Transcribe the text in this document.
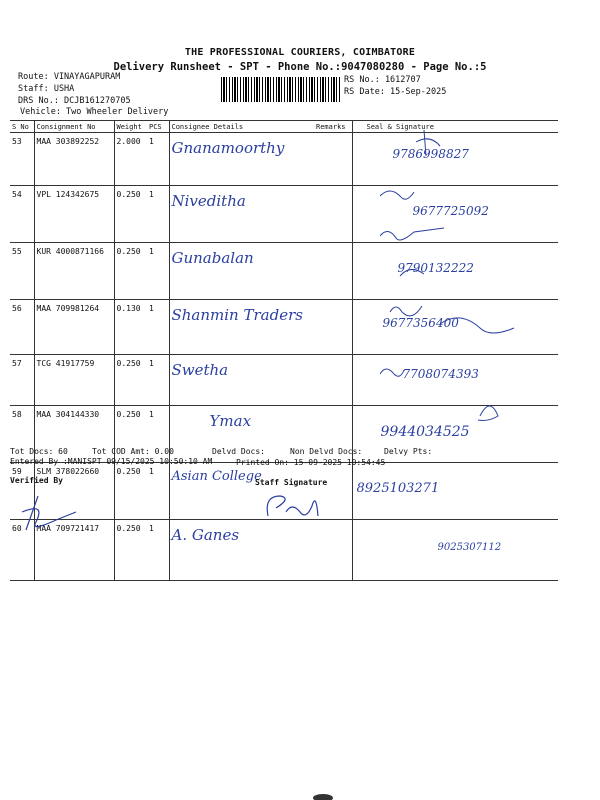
THE PROFESSIONAL COURIERS, COIMBATORE
Delivery Runsheet - SPT - Phone No.:9047080280 - Page No.:5
Route: VINAYAGAPURAM
Staff: USHA
DRS No.: DCJB161270705
Vehicle: Two Wheeler Delivery
RS No.: 1612707
RS Date: 15-Sep-2025
S No	Consignment No	Weight	PCS	Consignee Details	Remarks	Seal & Signature
53	MAA 303892252	2.000	1	Gnanamoorthy		9786998827
54	VPL 124342675	0.250	1	Niveditha		9677725092
55	KUR 4000871166	0.250	1	Gunabalan		9790132222
56	MAA 709981264	0.130	1	Shanmin Traders		9677356400
57	TCG 41917759	0.250	1	Swetha		7708074393
58	MAA 304144330	0.250	1	Ymax		9944034525
59	SLM 378022660	0.250	1	Asian College		8925103271
60	MAA 709721417	0.250	1	A. Ganes		9025307112
Tot Docs: 60	Tot COD Amt: 0.00	Delvd Docs:	Non Delvd Docs:	Delvy Pts:
Entered By :MANISPT 09/15/2025 10:50:10 AM	Printed On: 15-09-2025 10:54:45
Verified By	Staff Signature
